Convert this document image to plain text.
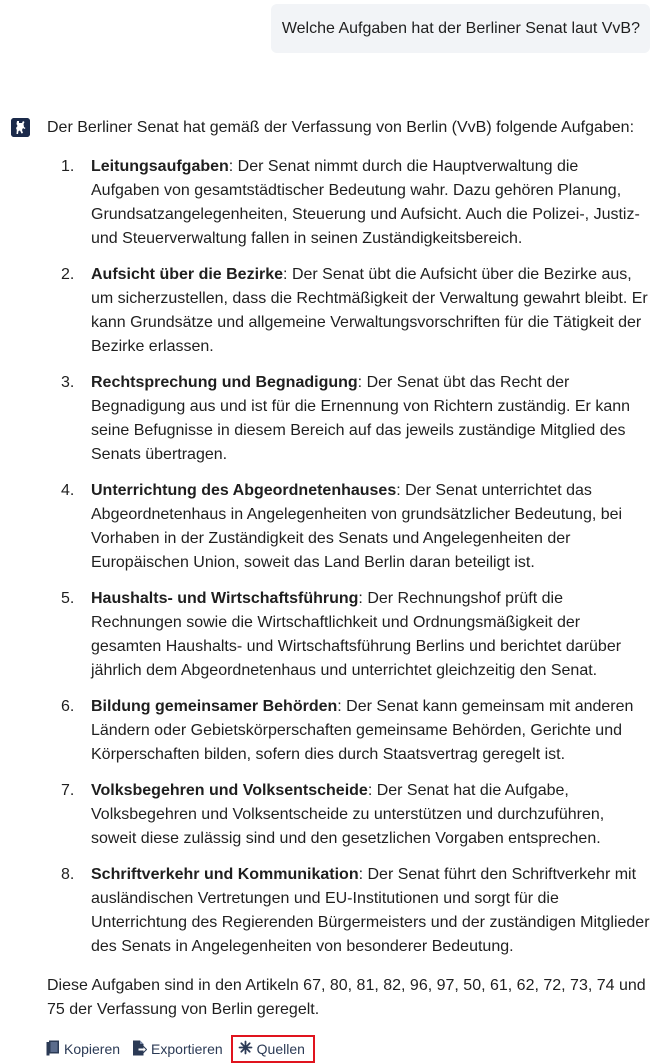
Welche Aufgaben hat der Berliner Senat laut VvB?
Der Berliner Senat hat gemäß der Verfassung von Berlin (VvB) folgende Aufgaben:
1. Leitungsaufgaben: Der Senat nimmt durch die Hauptverwaltung die Aufgaben von gesamtstädtischer Bedeutung wahr. Dazu gehören Planung, Grundsatzangelegenheiten, Steuerung und Aufsicht. Auch die Polizei-, Justiz- und Steuerverwaltung fallen in seinen Zuständigkeitsbereich.
2. Aufsicht über die Bezirke: Der Senat übt die Aufsicht über die Bezirke aus, um sicherzustellen, dass die Rechtmäßigkeit der Verwaltung gewahrt bleibt. Er kann Grundsätze und allgemeine Verwaltungsvorschriften für die Tätigkeit der Bezirke erlassen.
3. Rechtsprechung und Begnadigung: Der Senat übt das Recht der Begnadigung aus und ist für die Ernennung von Richtern zuständig. Er kann seine Befugnisse in diesem Bereich auf das jeweils zuständige Mitglied des Senats übertragen.
4. Unterrichtung des Abgeordnetenhauses: Der Senat unterrichtet das Abgeordnetenhaus in Angelegenheiten von grundsätzlicher Bedeutung, bei Vorhaben in der Zuständigkeit des Senats und Angelegenheiten der Europäischen Union, soweit das Land Berlin daran beteiligt ist.
5. Haushalts- und Wirtschaftsführung: Der Rechnungshof prüft die Rechnungen sowie die Wirtschaftlichkeit und Ordnungsmäßigkeit der gesamten Haushalts- und Wirtschaftsführung Berlins und berichtet darüber jährlich dem Abgeordnetenhaus und unterrichtet gleichzeitig den Senat.
6. Bildung gemeinsamer Behörden: Der Senat kann gemeinsam mit anderen Ländern oder Gebietskörperschaften gemeinsame Behörden, Gerichte und Körperschaften bilden, sofern dies durch Staatsvertrag geregelt ist.
7. Volksbegehren und Volksentscheide: Der Senat hat die Aufgabe, Volksbegehren und Volksentscheide zu unterstützen und durchzuführen, soweit diese zulässig sind und den gesetzlichen Vorgaben entsprechen.
8. Schriftverkehr und Kommunikation: Der Senat führt den Schriftverkehr mit ausländischen Vertretungen und EU-Institutionen und sorgt für die Unterrichtung des Regierenden Bürgermeisters und der zuständigen Mitglieder des Senats in Angelegenheiten von besonderer Bedeutung.
Diese Aufgaben sind in den Artikeln 67, 80, 81, 82, 96, 97, 50, 61, 62, 72, 73, 74 und 75 der Verfassung von Berlin geregelt.
Kopieren Exportieren Quellen
